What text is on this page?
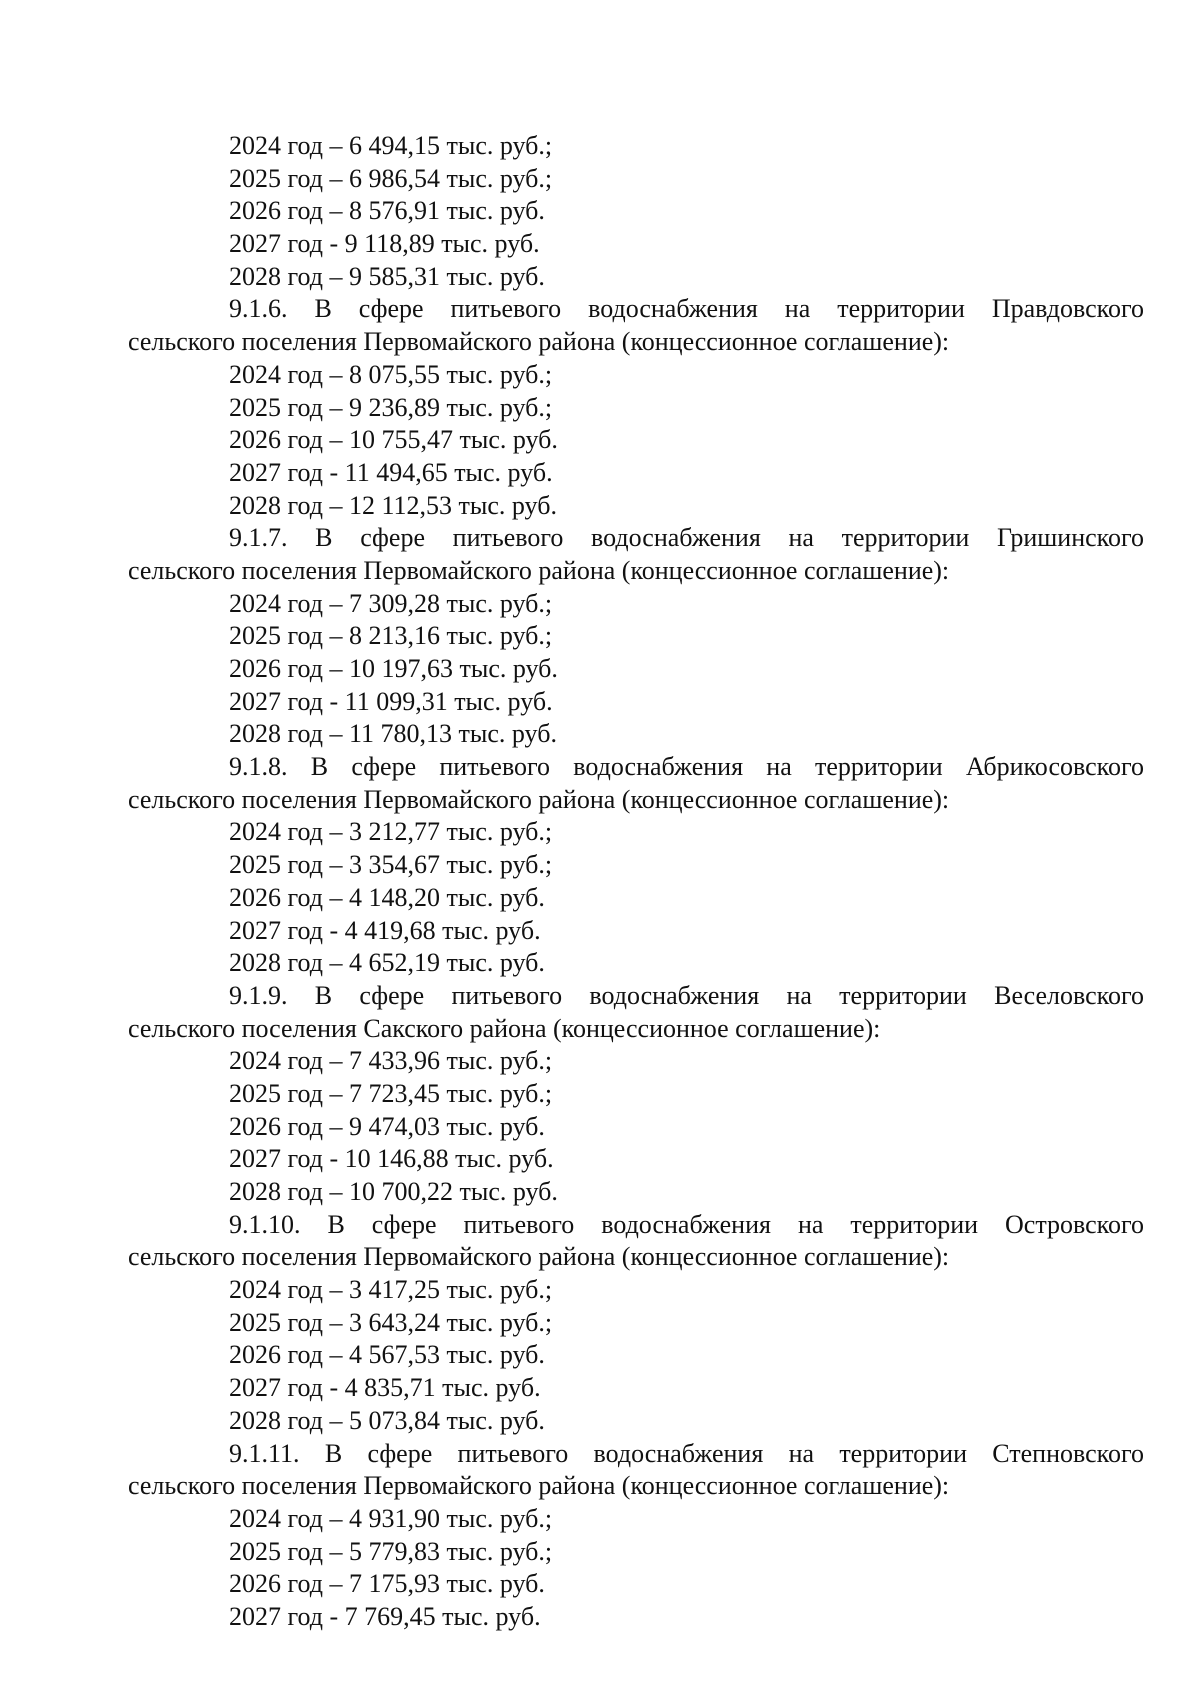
2024 год – 6 494,15 тыс. руб.;
2025 год – 6 986,54 тыс. руб.;
2026 год – 8 576,91 тыс. руб.
2027 год - 9 118,89 тыс. руб.
2028 год – 9 585,31 тыс. руб.
9.1.6. В сфере питьевого водоснабжения на территории Правдовского
сельского поселения Первомайского района (концессионное соглашение):
2024 год – 8 075,55 тыс. руб.;
2025 год – 9 236,89 тыс. руб.;
2026 год – 10 755,47 тыс. руб.
2027 год - 11 494,65 тыс. руб.
2028 год – 12 112,53 тыс. руб.
9.1.7. В сфере питьевого водоснабжения на территории Гришинского
сельского поселения Первомайского района (концессионное соглашение):
2024 год – 7 309,28 тыс. руб.;
2025 год – 8 213,16 тыс. руб.;
2026 год – 10 197,63 тыс. руб.
2027 год - 11 099,31 тыс. руб.
2028 год – 11 780,13 тыс. руб.
9.1.8. В сфере питьевого водоснабжения на территории Абрикосовского
сельского поселения Первомайского района (концессионное соглашение):
2024 год – 3 212,77 тыс. руб.;
2025 год – 3 354,67 тыс. руб.;
2026 год – 4 148,20 тыс. руб.
2027 год - 4 419,68 тыс. руб.
2028 год – 4 652,19 тыс. руб.
9.1.9. В сфере питьевого водоснабжения на территории Веселовского
сельского поселения Сакского района (концессионное соглашение):
2024 год – 7 433,96 тыс. руб.;
2025 год – 7 723,45 тыс. руб.;
2026 год – 9 474,03 тыс. руб.
2027 год - 10 146,88 тыс. руб.
2028 год – 10 700,22 тыс. руб.
9.1.10. В сфере питьевого водоснабжения на территории Островского
сельского поселения Первомайского района (концессионное соглашение):
2024 год – 3 417,25 тыс. руб.;
2025 год – 3 643,24 тыс. руб.;
2026 год – 4 567,53 тыс. руб.
2027 год - 4 835,71 тыс. руб.
2028 год – 5 073,84 тыс. руб.
9.1.11. В сфере питьевого водоснабжения на территории Степновского
сельского поселения Первомайского района (концессионное соглашение):
2024 год – 4 931,90 тыс. руб.;
2025 год – 5 779,83 тыс. руб.;
2026 год – 7 175,93 тыс. руб.
2027 год - 7 769,45 тыс. руб.
